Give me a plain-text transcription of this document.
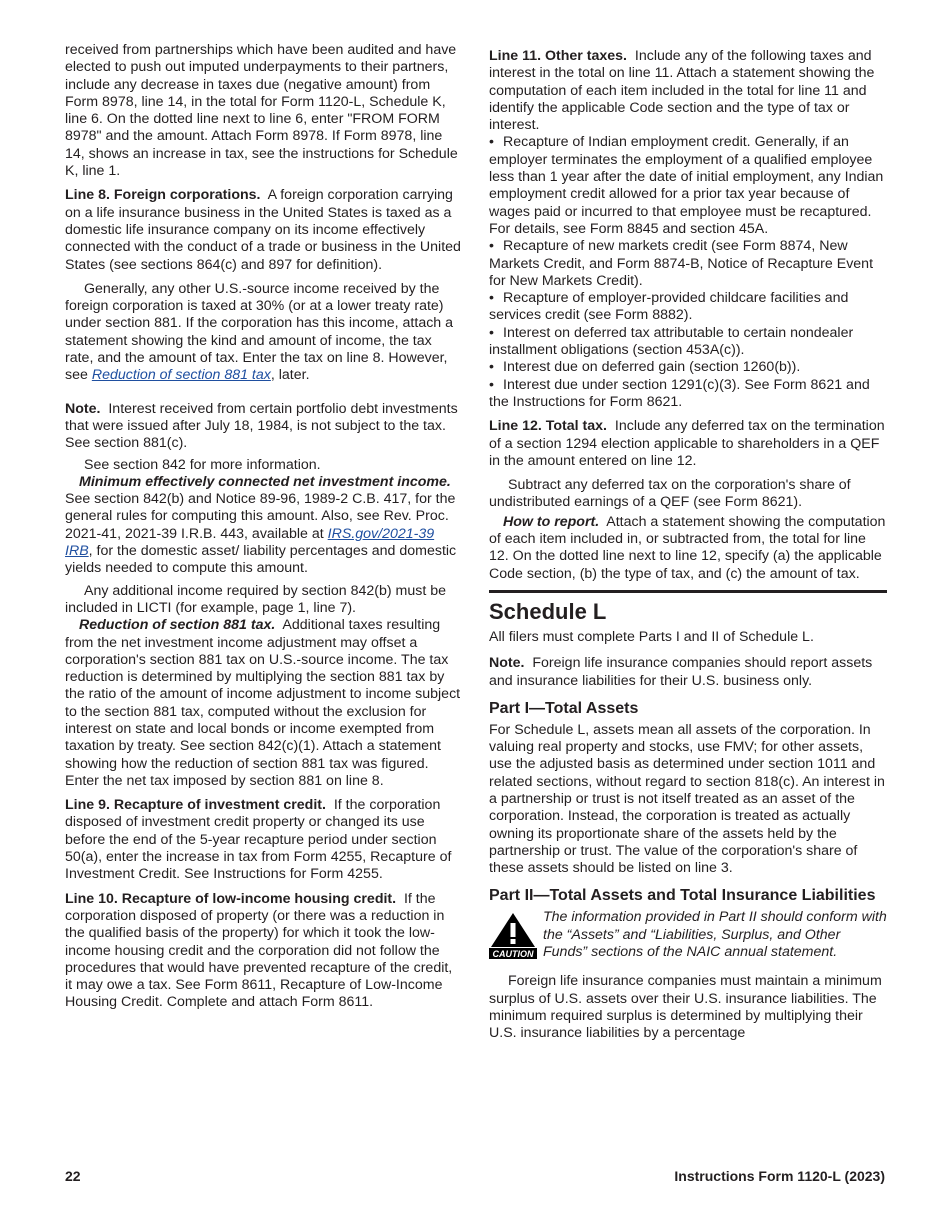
received from partnerships which have been audited and have elected to push out imputed underpayments to their partners, include any decrease in taxes due (negative amount) from Form 8978, line 14, in the total for Form 1120-L, Schedule K, line 6. On the dotted line next to line 6, enter "FROM FORM 8978" and the amount. Attach Form 8978. If Form 8978, line 14, shows an increase in tax, see the instructions for Schedule K, line 1.

Line 8. Foreign corporations. A foreign corporation carrying on a life insurance business in the United States is taxed as a domestic life insurance company on its income effectively connected with the conduct of a trade or business in the United States (see sections 864(c) and 897 for definition).

Generally, any other U.S.-source income received by the foreign corporation is taxed at 30% (or at a lower treaty rate) under section 881. If the corporation has this income, attach a statement showing the kind and amount of income, the tax rate, and the amount of tax. Enter the tax on line 8. However, see Reduction of section 881 tax, later.

Note. Interest received from certain portfolio debt investments that were issued after July 18, 1984, is not subject to the tax. See section 881(c).

See section 842 for more information.

Minimum effectively connected net investment income.  See section 842(b) and Notice 89-96, 1989-2 C.B. 417, for the general rules for computing this amount. Also, see Rev. Proc. 2021-41, 2021-39 I.R.B. 443, available at IRS.gov/2021-39 IRB, for the domestic asset/ liability percentages and domestic yields needed to compute this amount.

Any additional income required by section 842(b) must be included in LICTI (for example, page 1, line 7).

Reduction of section 881 tax. Additional taxes resulting from the net investment income adjustment may offset a corporation's section 881 tax on U.S.-source income. The tax reduction is determined by multiplying the section 881 tax by the ratio of the amount of income adjustment to income subject to the section 881 tax, computed without the exclusion for interest on state and local bonds or income exempted from taxation by treaty. See section 842(c)(1). Attach a statement showing how the reduction of section 881 tax was figured. Enter the net tax imposed by section 881 on line 8.

Line 9. Recapture of investment credit. If the corporation disposed of investment credit property or changed its use before the end of the 5-year recapture period under section 50(a), enter the increase in tax from Form 4255, Recapture of Investment Credit. See Instructions for Form 4255.

Line 10. Recapture of low-income housing credit. If the corporation disposed of property (or there was a reduction in the qualified basis of the property) for which it took the low-income housing credit and the corporation did not follow the procedures that would have prevented recapture of the credit, it may owe a tax. See Form 8611, Recapture of Low-Income Housing Credit. Complete and attach Form 8611.

Line 11. Other taxes. Include any of the following taxes and interest in the total on line 11. Attach a statement showing the computation of each item included in the total for line 11 and identify the applicable Code section and the type of tax or interest.

• Recapture of Indian employment credit. Generally, if an employer terminates the employment of a qualified employee less than 1 year after the date of initial employment, any Indian employment credit allowed for a prior tax year because of wages paid or incurred to that employee must be recaptured. For details, see Form 8845 and section 45A.

• Recapture of new markets credit (see Form 8874, New Markets Credit, and Form 8874-B, Notice of Recapture Event for New Markets Credit).

• Recapture of employer-provided childcare facilities and services credit (see Form 8882).

• Interest on deferred tax attributable to certain nondealer installment obligations (section 453A(c)).

• Interest due on deferred gain (section 1260(b)).

• Interest due under section 1291(c)(3). See Form 8621 and the Instructions for Form 8621.

Line 12. Total tax. Include any deferred tax on the termination of a section 1294 election applicable to shareholders in a QEF in the amount entered on line 12.

Subtract any deferred tax on the corporation's share of undistributed earnings of a QEF (see Form 8621).

How to report. Attach a statement showing the computation of each item included in, or subtracted from, the total for line 12. On the dotted line next to line 12, specify (a) the applicable Code section, (b) the type of tax, and (c) the amount of tax.

Schedule L

All filers must complete Parts I and II of Schedule L.

Note. Foreign life insurance companies should report assets and insurance liabilities for their U.S. business only.

Part I—Total Assets

For Schedule L, assets mean all assets of the corporation. In valuing real property and stocks, use FMV; for other assets, use the adjusted basis as determined under section 1011 and related sections, without regard to section 818(c). An interest in a partnership or trust is not itself treated as an asset of the corporation. Instead, the corporation is treated as actually owning its proportionate share of the assets held by the partnership or trust. The value of the corporation's share of these assets should be listed on line 3.

Part II—Total Assets and Total Insurance Liabilities
CAUTION
The information provided in Part II should conform with the “Assets” and “Liabilities, Surplus, and Other Funds” sections of the NAIC annual statement.

Foreign life insurance companies must maintain a minimum surplus of U.S. assets over their U.S. insurance liabilities. The minimum required surplus is determined by multiplying their U.S. insurance liabilities by a percentage

22	Instructions Form 1120-L (2023)
